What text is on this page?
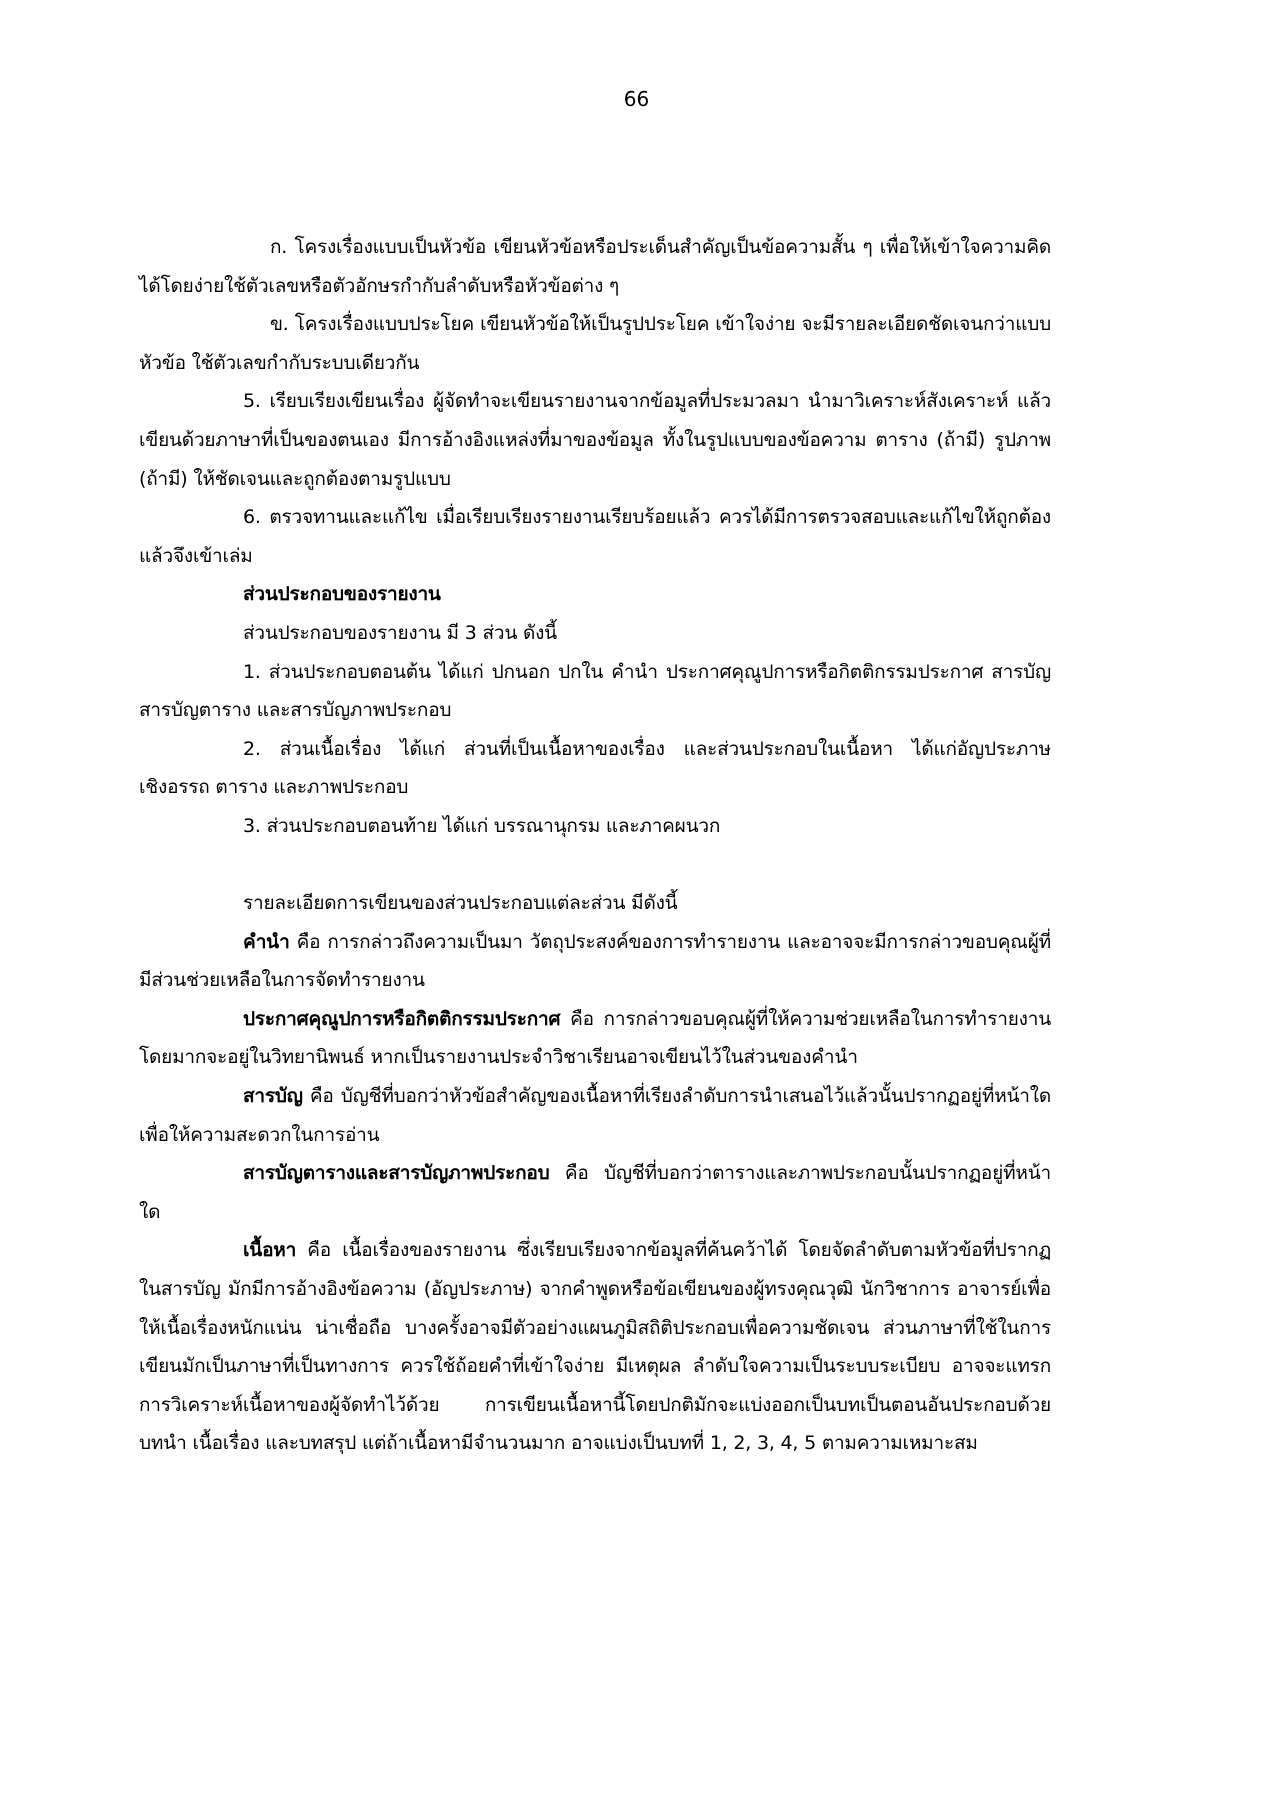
66

ก. โครงเรื่องแบบเป็นหัวข้อ เขียนหัวข้อหรือประเด็นสำคัญเป็นข้อความสั้น ๆ เพื่อให้เข้าใจความคิดได้โดยง่ายใช้ตัวเลขหรือตัวอักษรกำกับลำดับหรือหัวข้อต่าง ๆ

ข. โครงเรื่องแบบประโยค เขียนหัวข้อให้เป็นรูปประโยค เข้าใจง่าย จะมีรายละเอียดชัดเจนกว่าแบบหัวข้อ ใช้ตัวเลขกำกับระบบเดียวกัน

5. เรียบเรียงเขียนเรื่อง ผู้จัดทำจะเขียนรายงานจากข้อมูลที่ประมวลมา นำมาวิเคราะห์สังเคราะห์ แล้วเขียนด้วยภาษาที่เป็นของตนเอง มีการอ้างอิงแหล่งที่มาของข้อมูล ทั้งในรูปแบบของข้อความ ตาราง (ถ้ามี) รูปภาพ (ถ้ามี) ให้ชัดเจนและถูกต้องตามรูปแบบ

6. ตรวจทานและแก้ไข เมื่อเรียบเรียงรายงานเรียบร้อยแล้ว ควรได้มีการตรวจสอบและแก้ไขให้ถูกต้องแล้วจึงเข้าเล่ม

ส่วนประกอบของรายงาน

ส่วนประกอบของรายงาน มี 3 ส่วน ดังนี้

1. ส่วนประกอบตอนต้น ได้แก่ ปกนอก ปกใน คำนำ ประกาศคุณูปการหรือกิตติกรรมประกาศ สารบัญ สารบัญตาราง และสารบัญภาพประกอบ

2. ส่วนเนื้อเรื่อง ได้แก่ ส่วนที่เป็นเนื้อหาของเรื่อง และส่วนประกอบในเนื้อหา ได้แก่อัญประภาษ เชิงอรรถ ตาราง และภาพประกอบ

3. ส่วนประกอบตอนท้าย ได้แก่ บรรณานุกรม และภาคผนวก

รายละเอียดการเขียนของส่วนประกอบแต่ละส่วน มีดังนี้

คำนำ คือ การกล่าวถึงความเป็นมา วัตถุประสงค์ของการทำรายงาน และอาจจะมีการกล่าวขอบคุณผู้ที่มีส่วนช่วยเหลือในการจัดทำรายงาน

ประกาศคุณูปการหรือกิตติกรรมประกาศ คือ การกล่าวขอบคุณผู้ที่ให้ความช่วยเหลือในการทำรายงาน โดยมากจะอยู่ในวิทยานิพนธ์ หากเป็นรายงานประจำวิชาเรียนอาจเขียนไว้ในส่วนของคำนำ

สารบัญ คือ บัญชีที่บอกว่าหัวข้อสำคัญของเนื้อหาที่เรียงลำดับการนำเสนอไว้แล้วนั้นปรากฏอยู่ที่หน้าใด เพื่อให้ความสะดวกในการอ่าน

สารบัญตารางและสารบัญภาพประกอบ คือ บัญชีที่บอกว่าตารางและภาพประกอบนั้นปรากฏอยู่ที่หน้าใด

เนื้อหา คือ เนื้อเรื่องของรายงาน ซึ่งเรียบเรียงจากข้อมูลที่ค้นคว้าได้ โดยจัดลำดับตามหัวข้อที่ปรากฏในสารบัญ มักมีการอ้างอิงข้อความ (อัญประภาษ) จากคำพูดหรือข้อเขียนของผู้ทรงคุณวุฒิ นักวิชาการ อาจารย์เพื่อให้เนื้อเรื่องหนักแน่น น่าเชื่อถือ บางครั้งอาจมีตัวอย่างแผนภูมิสถิติประกอบเพื่อความชัดเจน ส่วนภาษาที่ใช้ในการเขียนมักเป็นภาษาที่เป็นทางการ ควรใช้ถ้อยคำที่เข้าใจง่าย มีเหตุผล ลำดับใจความเป็นระบบระเบียบ อาจจะแทรกการวิเคราะห์เนื้อหาของผู้จัดทำไว้ด้วย การเขียนเนื้อหานี้โดยปกติมักจะแบ่งออกเป็นบทเป็นตอนอันประกอบด้วย บทนำ เนื้อเรื่อง และบทสรุป แต่ถ้าเนื้อหามีจำนวนมาก อาจแบ่งเป็นบทที่ 1, 2, 3, 4, 5 ตามความเหมาะสม
